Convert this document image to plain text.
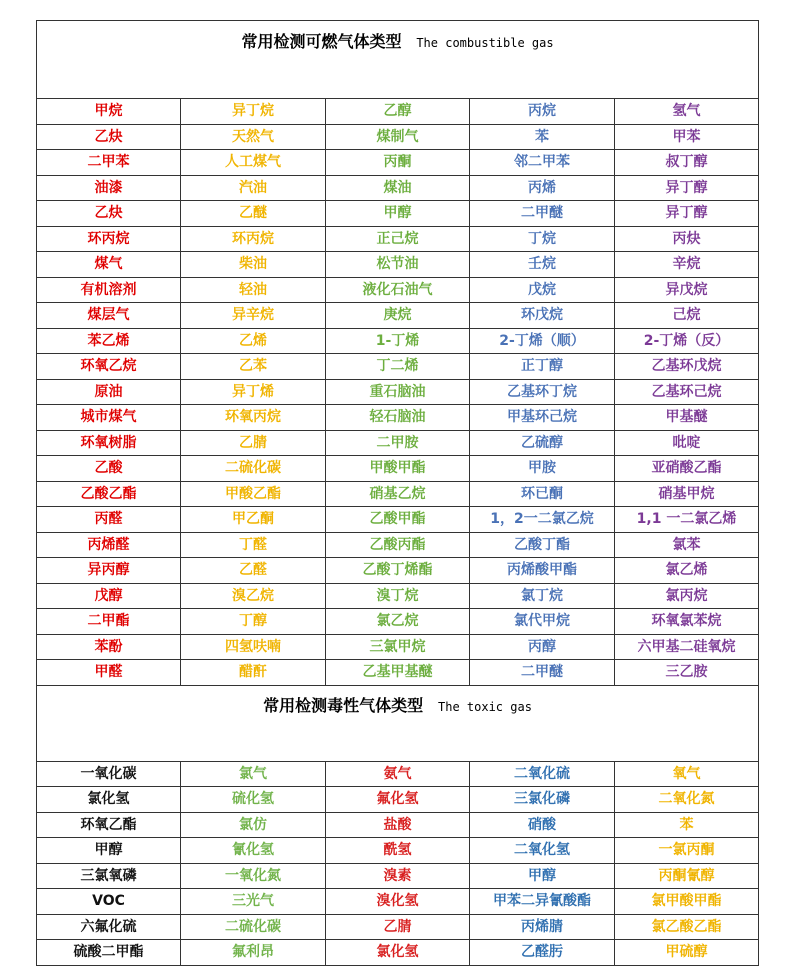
常用检测可燃气体类型 The combustible gas				
甲烷	异丁烷	乙醇	丙烷	氢气
乙炔	天然气	煤制气	苯	甲苯
二甲苯	人工煤气	丙酮	邻二甲苯	叔丁醇
油漆	汽油	煤油	丙烯	异丁醇
乙炔	乙醚	甲醇	二甲醚	异丁醇
环丙烷	环丙烷	正己烷	丁烷	丙炔
煤气	柴油	松节油	壬烷	辛烷
有机溶剂	轻油	液化石油气	戊烷	异戊烷
煤层气	异辛烷	庚烷	环戊烷	己烷
苯乙烯	乙烯	1-丁烯	2-丁烯（顺）	2-丁烯（反）
环氧乙烷	乙苯	丁二烯	正丁醇	乙基环戊烷
原油	异丁烯	重石脑油	乙基环丁烷	乙基环己烷
城市煤气	环氧丙烷	轻石脑油	甲基环己烷	甲基醚
环氧树脂	乙腈	二甲胺	乙硫醇	吡啶
乙酸	二硫化碳	甲酸甲酯	甲胺	亚硝酸乙酯
乙酸乙酯	甲酸乙酯	硝基乙烷	环已酮	硝基甲烷
丙醛	甲乙酮	乙酸甲酯	1，2一二氯乙烷	1,1 一二氯乙烯
丙烯醛	丁醛	乙酸丙酯	乙酸丁酯	氯苯
异丙醇	乙醛	乙酸丁烯酯	丙烯酸甲酯	氯乙烯
戊醇	溴乙烷	溴丁烷	氯丁烷	氯丙烷
二甲酯	丁醇	氯乙烷	氯代甲烷	环氧氯苯烷
苯酚	四氢呋喃	三氯甲烷	丙醇	六甲基二硅氧烷
甲醛	醋酐	乙基甲基醚	二甲醚	三乙胺
常用检测毒性气体类型 The toxic gas				
一氧化碳	氯气	氨气	二氧化硫	氧气
氯化氢	硫化氢	氟化氢	三氯化磷	二氧化氮
环氧乙酯	氯仿	盐酸	硝酸	苯
甲醇	氰化氢	酰氢	二氧化氢	一氯丙酮
三氯氧磷	一氧化氮	溴素	甲醇	丙酮氰醇
VOC	三光气	溴化氢	甲苯二异氰酸酯	氯甲酸甲酯
六氟化硫	二硫化碳	乙腈	丙烯腈	氯乙酸乙酯
硫酸二甲酯	氟利昂	氯化氢	乙醛肟	甲硫醇
